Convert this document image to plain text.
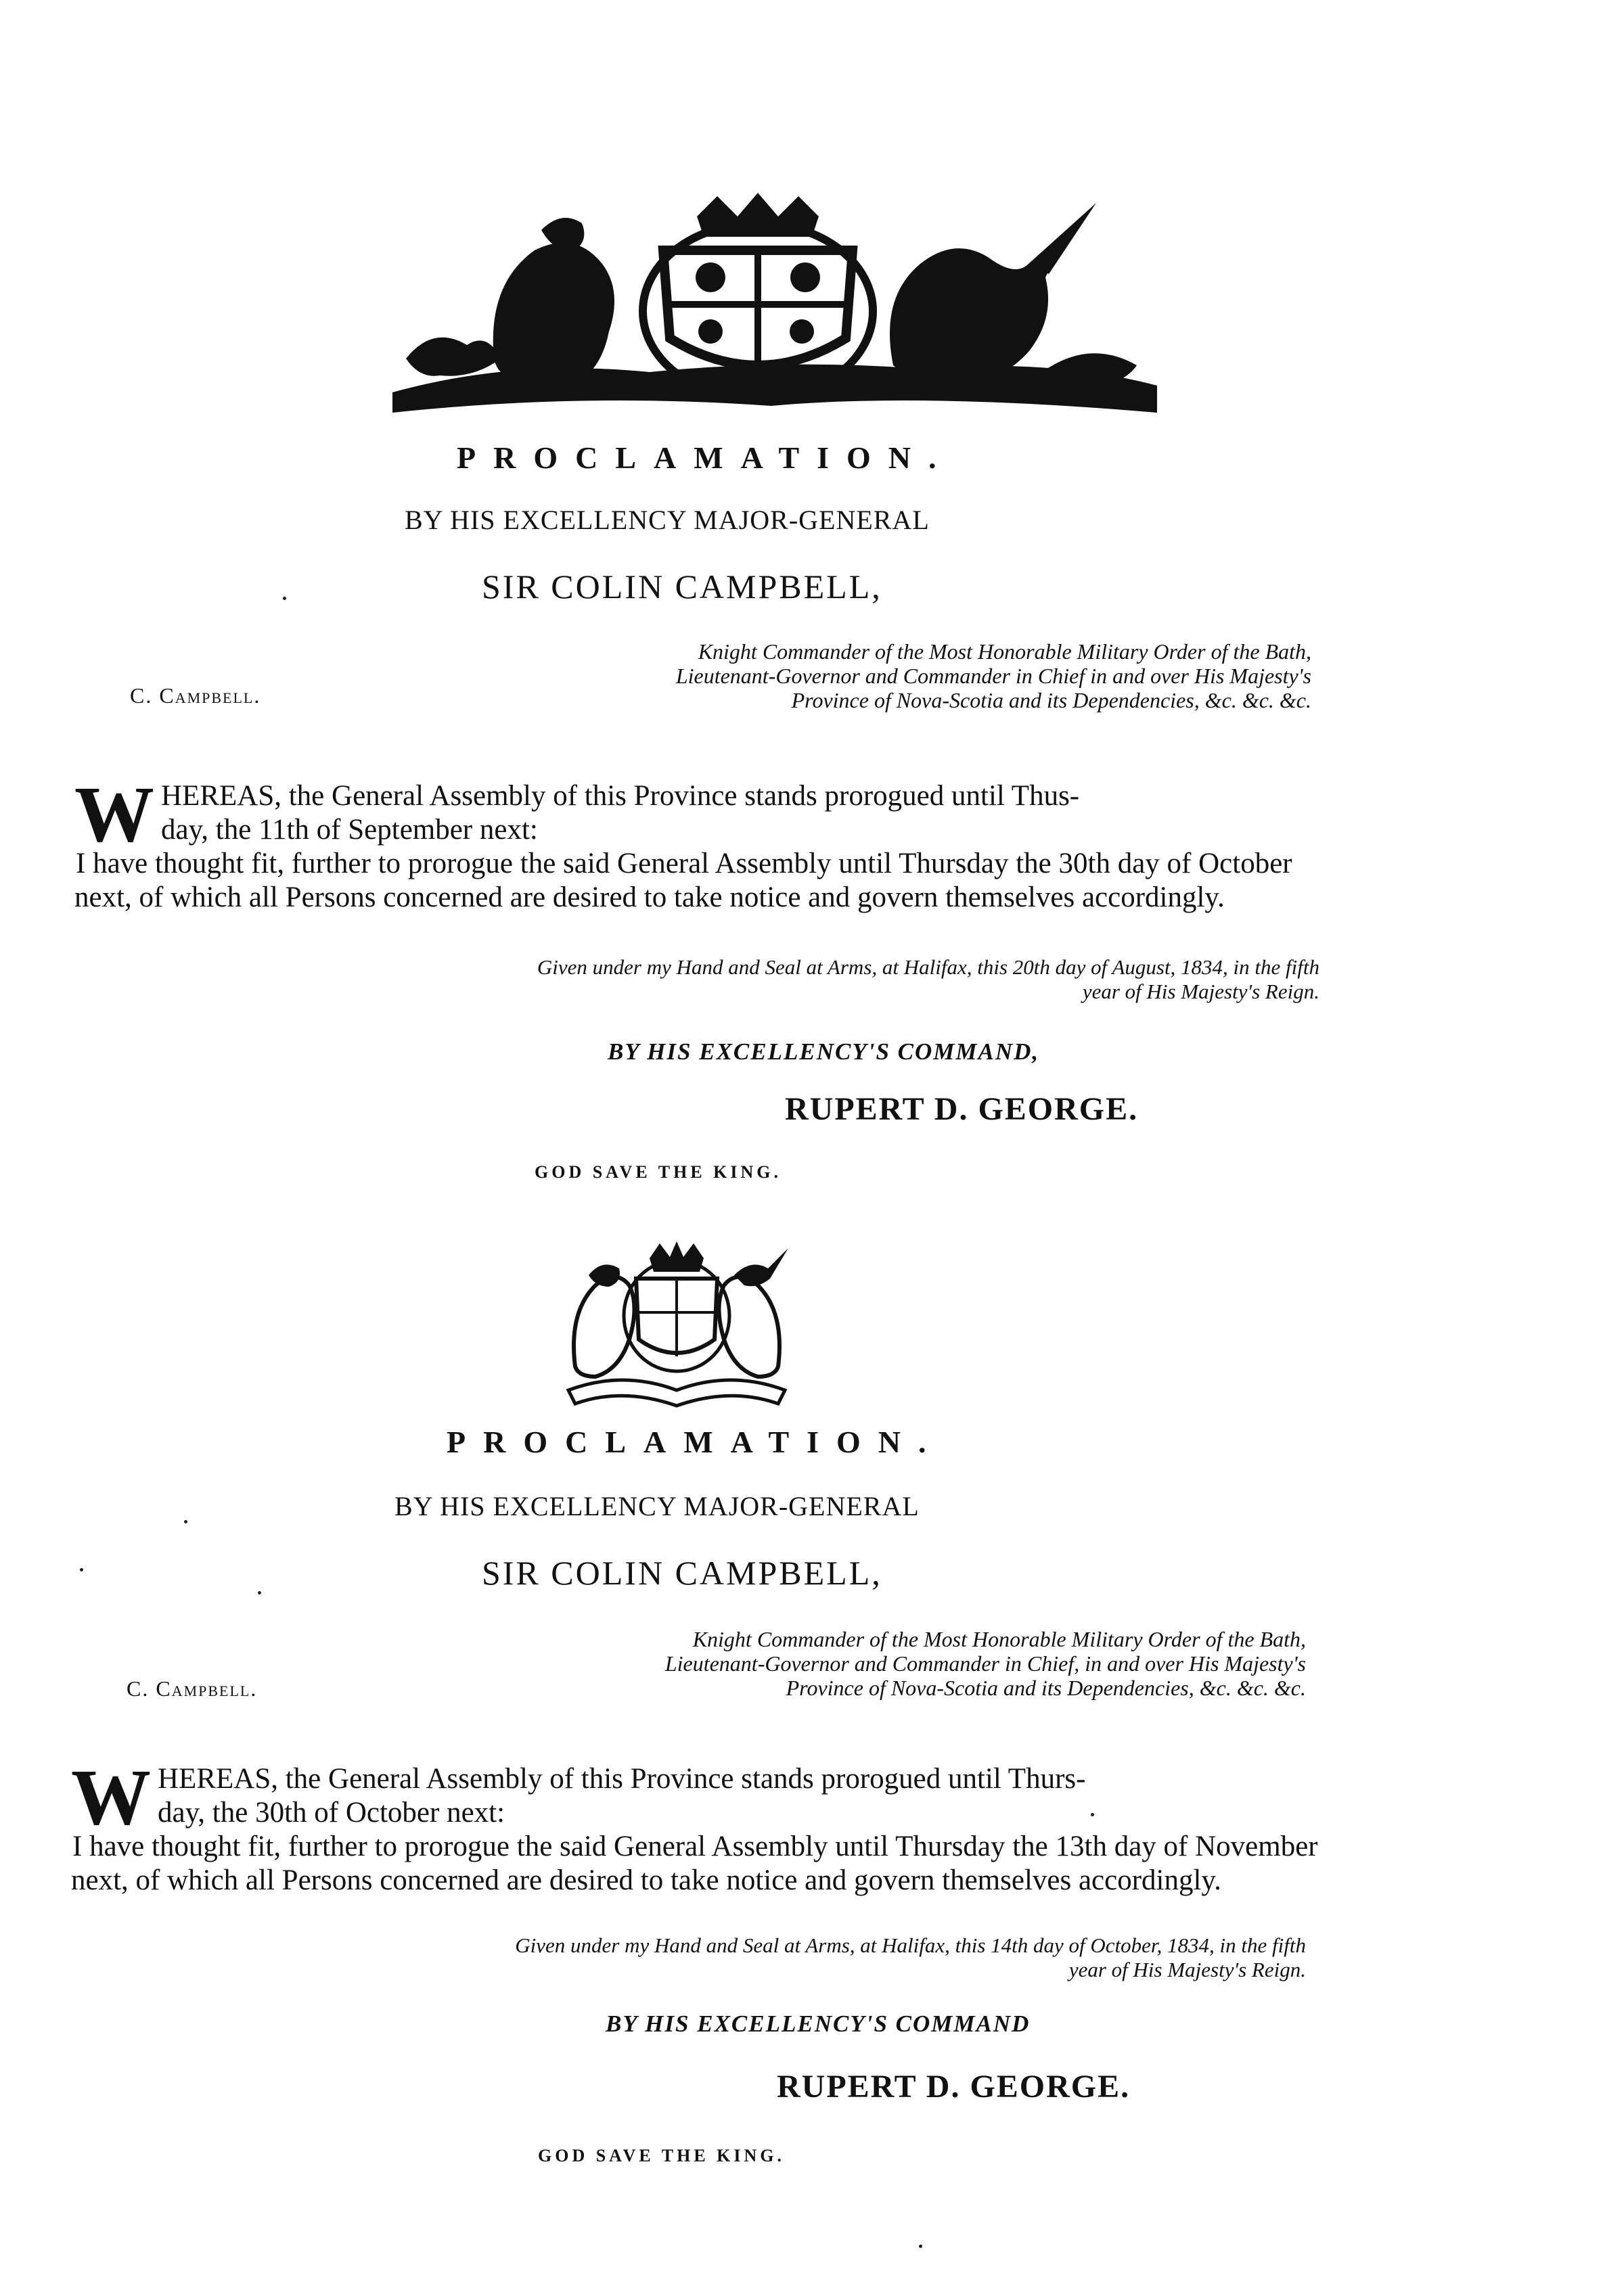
PROCLAMATION.
BY HIS EXCELLENCY MAJOR-GENERAL
SIR COLIN CAMPBELL,
C. Campbell.
Knight Commander of the Most Honorable Military Order of the Bath, Lieutenant-Governor and Commander in Chief in and over His Majesty's Province of Nova-Scotia and its Dependencies, &c. &c. &c.
W HEREAS, the General Assembly of this Province stands prorogued until Thus-
day, the 11th of September next:
I have thought fit, further to prorogue the said General Assembly until Thursday the 30th day of October next, of which all Persons concerned are desired to take notice and govern themselves accordingly.
Given under my Hand and Seal at Arms, at Halifax, this 20th day of August, 1834, in the fifth year of His Majesty's Reign.
BY HIS EXCELLENCY'S COMMAND,
RUPERT D. GEORGE.
GOD SAVE THE KING.
PROCLAMATION.
BY HIS EXCELLENCY MAJOR-GENERAL
SIR COLIN CAMPBELL,
C. Campbell.
Knight Commander of the Most Honorable Military Order of the Bath, Lieutenant-Governor and Commander in Chief, in and over His Majesty's Province of Nova-Scotia and its Dependencies, &c. &c. &c.
W HEREAS, the General Assembly of this Province stands prorogued until Thurs-
day, the 30th of October next:
I have thought fit, further to prorogue the said General Assembly until Thursday the 13th day of November next, of which all Persons concerned are desired to take notice and govern themselves accordingly.
Given under my Hand and Seal at Arms, at Halifax, this 14th day of October, 1834, in the fifth year of His Majesty's Reign.
BY HIS EXCELLENCY'S COMMAND
RUPERT D. GEORGE.
GOD SAVE THE KING.
